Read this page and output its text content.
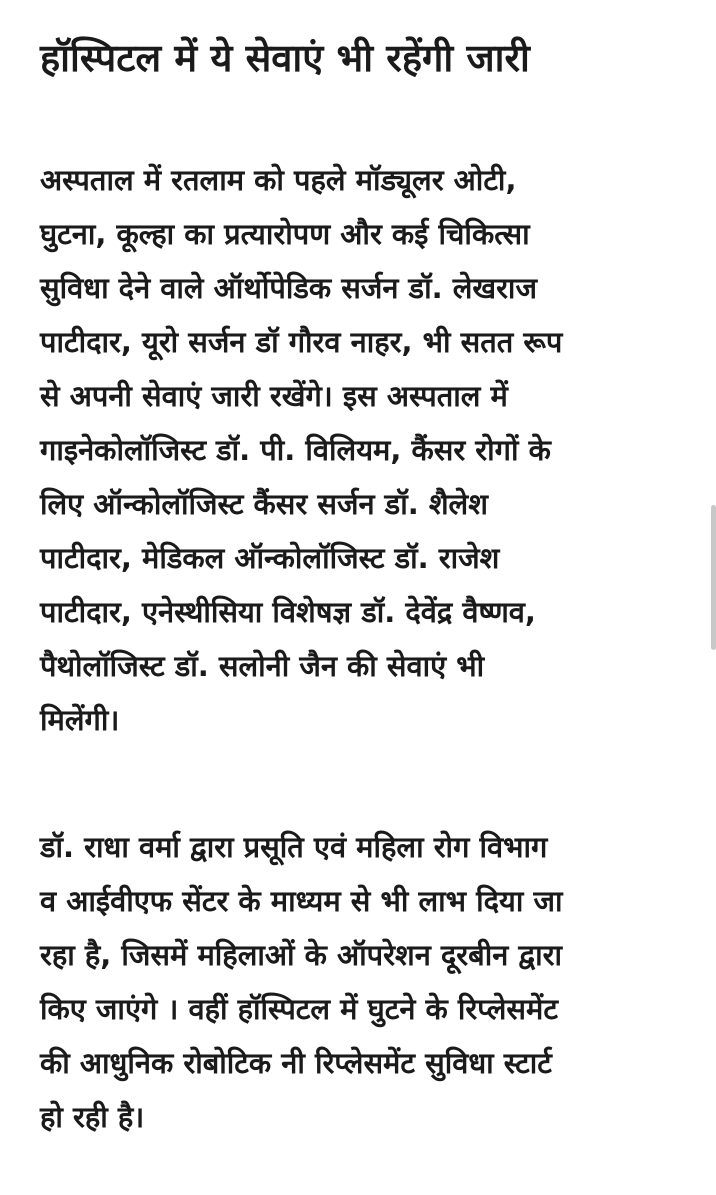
हॉस्पिटल में ये सेवाएं भी रहेंगी जारी

अस्पताल में रतलाम को पहले मॉड्यूलर ओटी,
घुटना, कूल्हा का प्रत्यारोपण और कई चिकित्सा
सुविधा देने वाले ऑर्थोपेडिक सर्जन डॉ. लेखराज
पाटीदार, यूरो सर्जन डॉ गौरव नाहर, भी सतत रूप
से अपनी सेवाएं जारी रखेंगे। इस अस्पताल में
गाइनेकोलॉजिस्ट डॉ. पी. विलियम, कैंसर रोगों के
लिए ऑन्कोलॉजिस्ट कैंसर सर्जन डॉ. शैलेश
पाटीदार, मेडिकल ऑन्कोलॉजिस्ट डॉ. राजेश
पाटीदार, एनेस्थीसिया विशेषज्ञ डॉ. देवेंद्र वैष्णव,
पैथोलॉजिस्ट डॉ. सलोनी जैन की सेवाएं भी
मिलेंगी।

डॉ. राधा वर्मा द्वारा प्रसूति एवं महिला रोग विभाग
व आईवीएफ सेंटर के माध्यम से भी लाभ दिया जा
रहा है, जिसमें महिलाओं के ऑपरेशन दूरबीन द्वारा
किए जाएंगे । वहीं हॉस्पिटल में घुटने के रिप्लेसमेंट
की आधुनिक रोबोटिक नी रिप्लेसमेंट सुविधा स्टार्ट
हो रही है।
